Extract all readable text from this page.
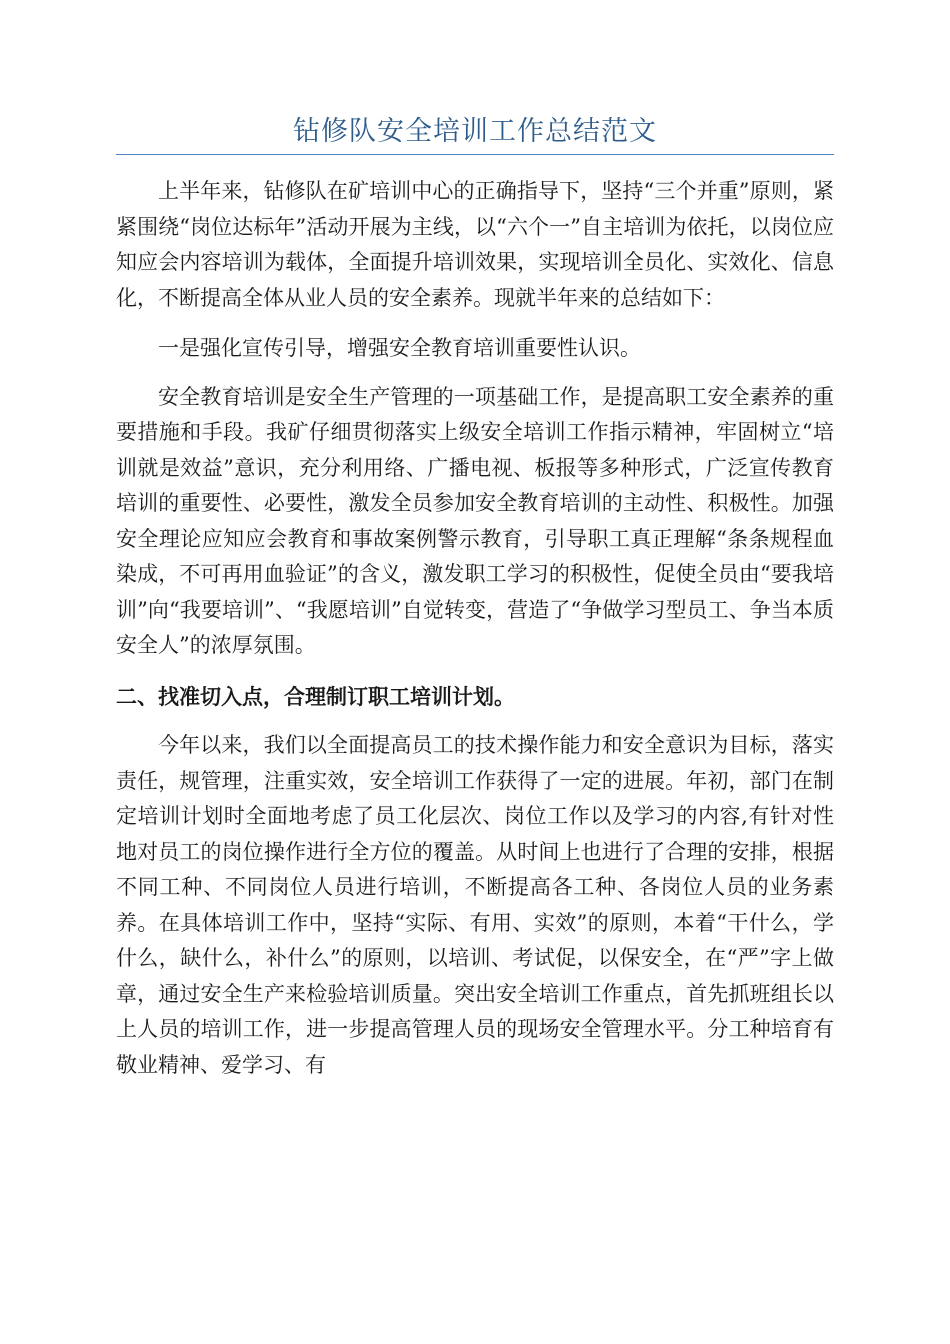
钻修队安全培训工作总结范文

上半年来，钻修队在矿培训中心的正确指导下，坚持“三个并重”原则，紧紧围绕“岗位达标年”活动开展为主线，以“六个一”自主培训为依托，以岗位应知应会内容培训为载体，全面提升培训效果，实现培训全员化、实效化、信息化，不断提高全体从业人员的安全素养。现就半年来的总结如下：

一是强化宣传引导，增强安全教育培训重要性认识。

安全教育培训是安全生产管理的一项基础工作，是提高职工安全素养的重要措施和手段。我矿仔细贯彻落实上级安全培训工作指示精神，牢固树立“培训就是效益”意识，充分利用络、广播电视、板报等多种形式，广泛宣传教育培训的重要性、必要性，激发全员参加安全教育培训的主动性、积极性。加强安全理论应知应会教育和事故案例警示教育，引导职工真正理解“条条规程血染成，不可再用血验证”的含义，激发职工学习的积极性，促使全员由“要我培训”向“我要培训”、“我愿培训”自觉转变，营造了“争做学习型员工、争当本质安全人”的浓厚氛围。

二、找准切入点，合理制订职工培训计划。

今年以来，我们以全面提高员工的技术操作能力和安全意识为目标，落实责任，规管理，注重实效，安全培训工作获得了一定的进展。年初，部门在制定培训计划时全面地考虑了员工化层次、岗位工作以及学习的内容,有针对性地对员工的岗位操作进行全方位的覆盖。从时间上也进行了合理的安排，根据不同工种、不同岗位人员进行培训，不断提高各工种、各岗位人员的业务素养。在具体培训工作中，坚持“实际、有用、实效”的原则，本着“干什么，学什么，缺什么，补什么”的原则，以培训、考试促，以保安全，在“严”字上做章，通过安全生产来检验培训质量。突出安全培训工作重点，首先抓班组长以上人员的培训工作，进一步提高管理人员的现场安全管理水平。分工种培育有敬业精神、爱学习、有
